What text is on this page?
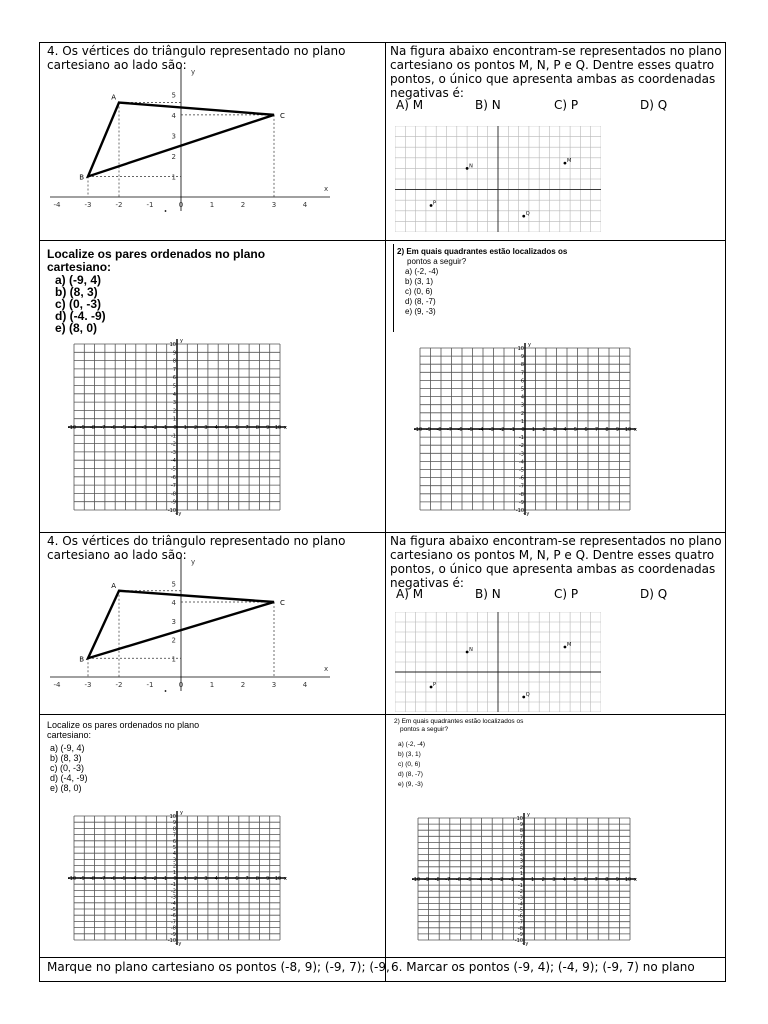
4. Os vértices do triângulo representado no plano
cartesiano ao lado são:
x
y
-4	-3	-2	-1	0	1	2	3	4
5
4
3
2
1
A
B
C
Na figura abaixo encontram-se representados no plano
cartesiano os pontos M, N, P e Q. Dentre esses quatro
pontos, o único que apresenta ambas as coordenadas
negativas é:
A) M	B) N	C) P	D) Q
M
N
P
Q
Localize os pares ordenados no plano
cartesiano:
a) (-9, 4)
b) (8, 3)
c) (0, -3)
d) (-4. -9)
e) (8, 0)
-10 -9 -8 -7 -6 -5 -4 -3 -2 -1 0 1 2 3 4 5 6 7 8 9 10
10
9
8
7
6
5
4
3
2
1
-1
-2
-3
-4
-5
-6
-7
-8
-9
-10
x
y
- y
2) Em quais quadrantes estão localizados os
pontos a seguir?
a) (-2, -4)
b) (3, 1)
c) (0, 6)
d) (8, -7)
e) (9, -3)
-10 -9 -8 -7 -6 -5 -4 -3 -2 -1 0 1 2 3 4 5 6 7 8 9 10
10
9
8
7
6
5
4
3
2
1
-1
-2
-3
-4
-5
-6
-7
-8
-9
-10
x
y
- y
4. Os vértices do triângulo representado no plano
cartesiano ao lado são:
x
y
-4	-3	-2	-1	0	1	2	3	4
5
4
3
2
1
A
B
C
Na figura abaixo encontram-se representados no plano
cartesiano os pontos M, N, P e Q. Dentre esses quatro
pontos, o único que apresenta ambas as coordenadas
negativas é:
A) M	B) N	C) P	D) Q
M
N
P
Q
Localize os pares ordenados no plano
cartesiano:
a) (-9, 4)
b) (8, 3)
c) (0, -3)
d) (-4, -9)
e) (8, 0)
-10 -9 -8 -7 -6 -5 -4 -3 -2 -1 0 1 2 3 4 5 6 7 8 9 10
10
9
8
7
6
5
4
3
2
1
-1
-2
-3
-4
-5
-6
-7
-8
-9
-10
x
y
- y
2) Em quais quadrantes estão localizados os
pontos a seguir?
a) (-2, -4)
b) (3, 1)
c) (0, 6)
d) (8, -7)
e) (9, -3)
-10 -9 -8 -7 -6 -5 -4 -3 -2 -1 0 1 2 3 4 5 6 7 8 9 10
10
9
8
7
6
5
4
3
2
1
-1
-2
-3
-4
-5
-6
-7
-8
-9
-10
x
y
- y
Marque no plano cartesiano os pontos (-8, 9); (-9, 7); (-9, 6. Marcar os pontos (-9, 4); (-4, 9); (-9, 7) no plano
